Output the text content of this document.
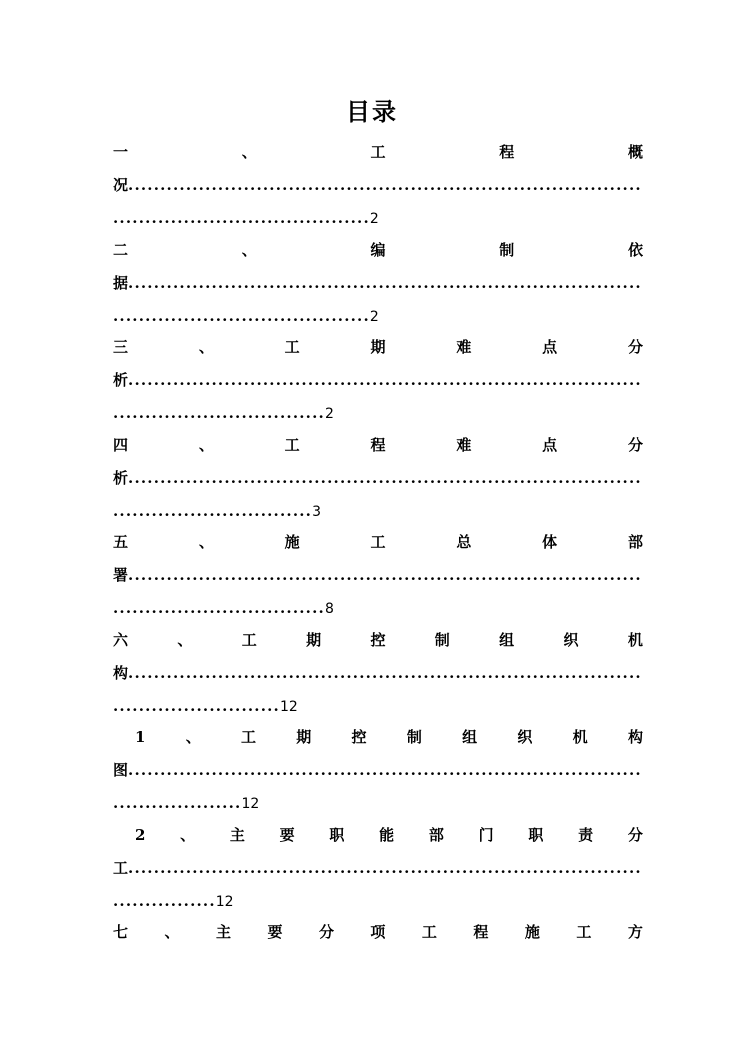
目录
一	、	工	程	概
况................................................................................
........................................2
二	、	编	制	依
据................................................................................
........................................2
三	、	工	期	难	点	分
析................................................................................
.................................2
四	、	工	程	难	点	分
析................................................................................
...............................3
五	、	施	工	总	体	部
署................................................................................
.................................8
六	、	工	期	控	制	组	织	机
构................................................................................
..........................12
1	、	工	期	控	制	组	织	机	构
图................................................................................
....................12
2 、 主 要 职 能 部 门 职 责 分
工................................................................................
................12
七 、 主 要 分 项 工 程 施 工 方
